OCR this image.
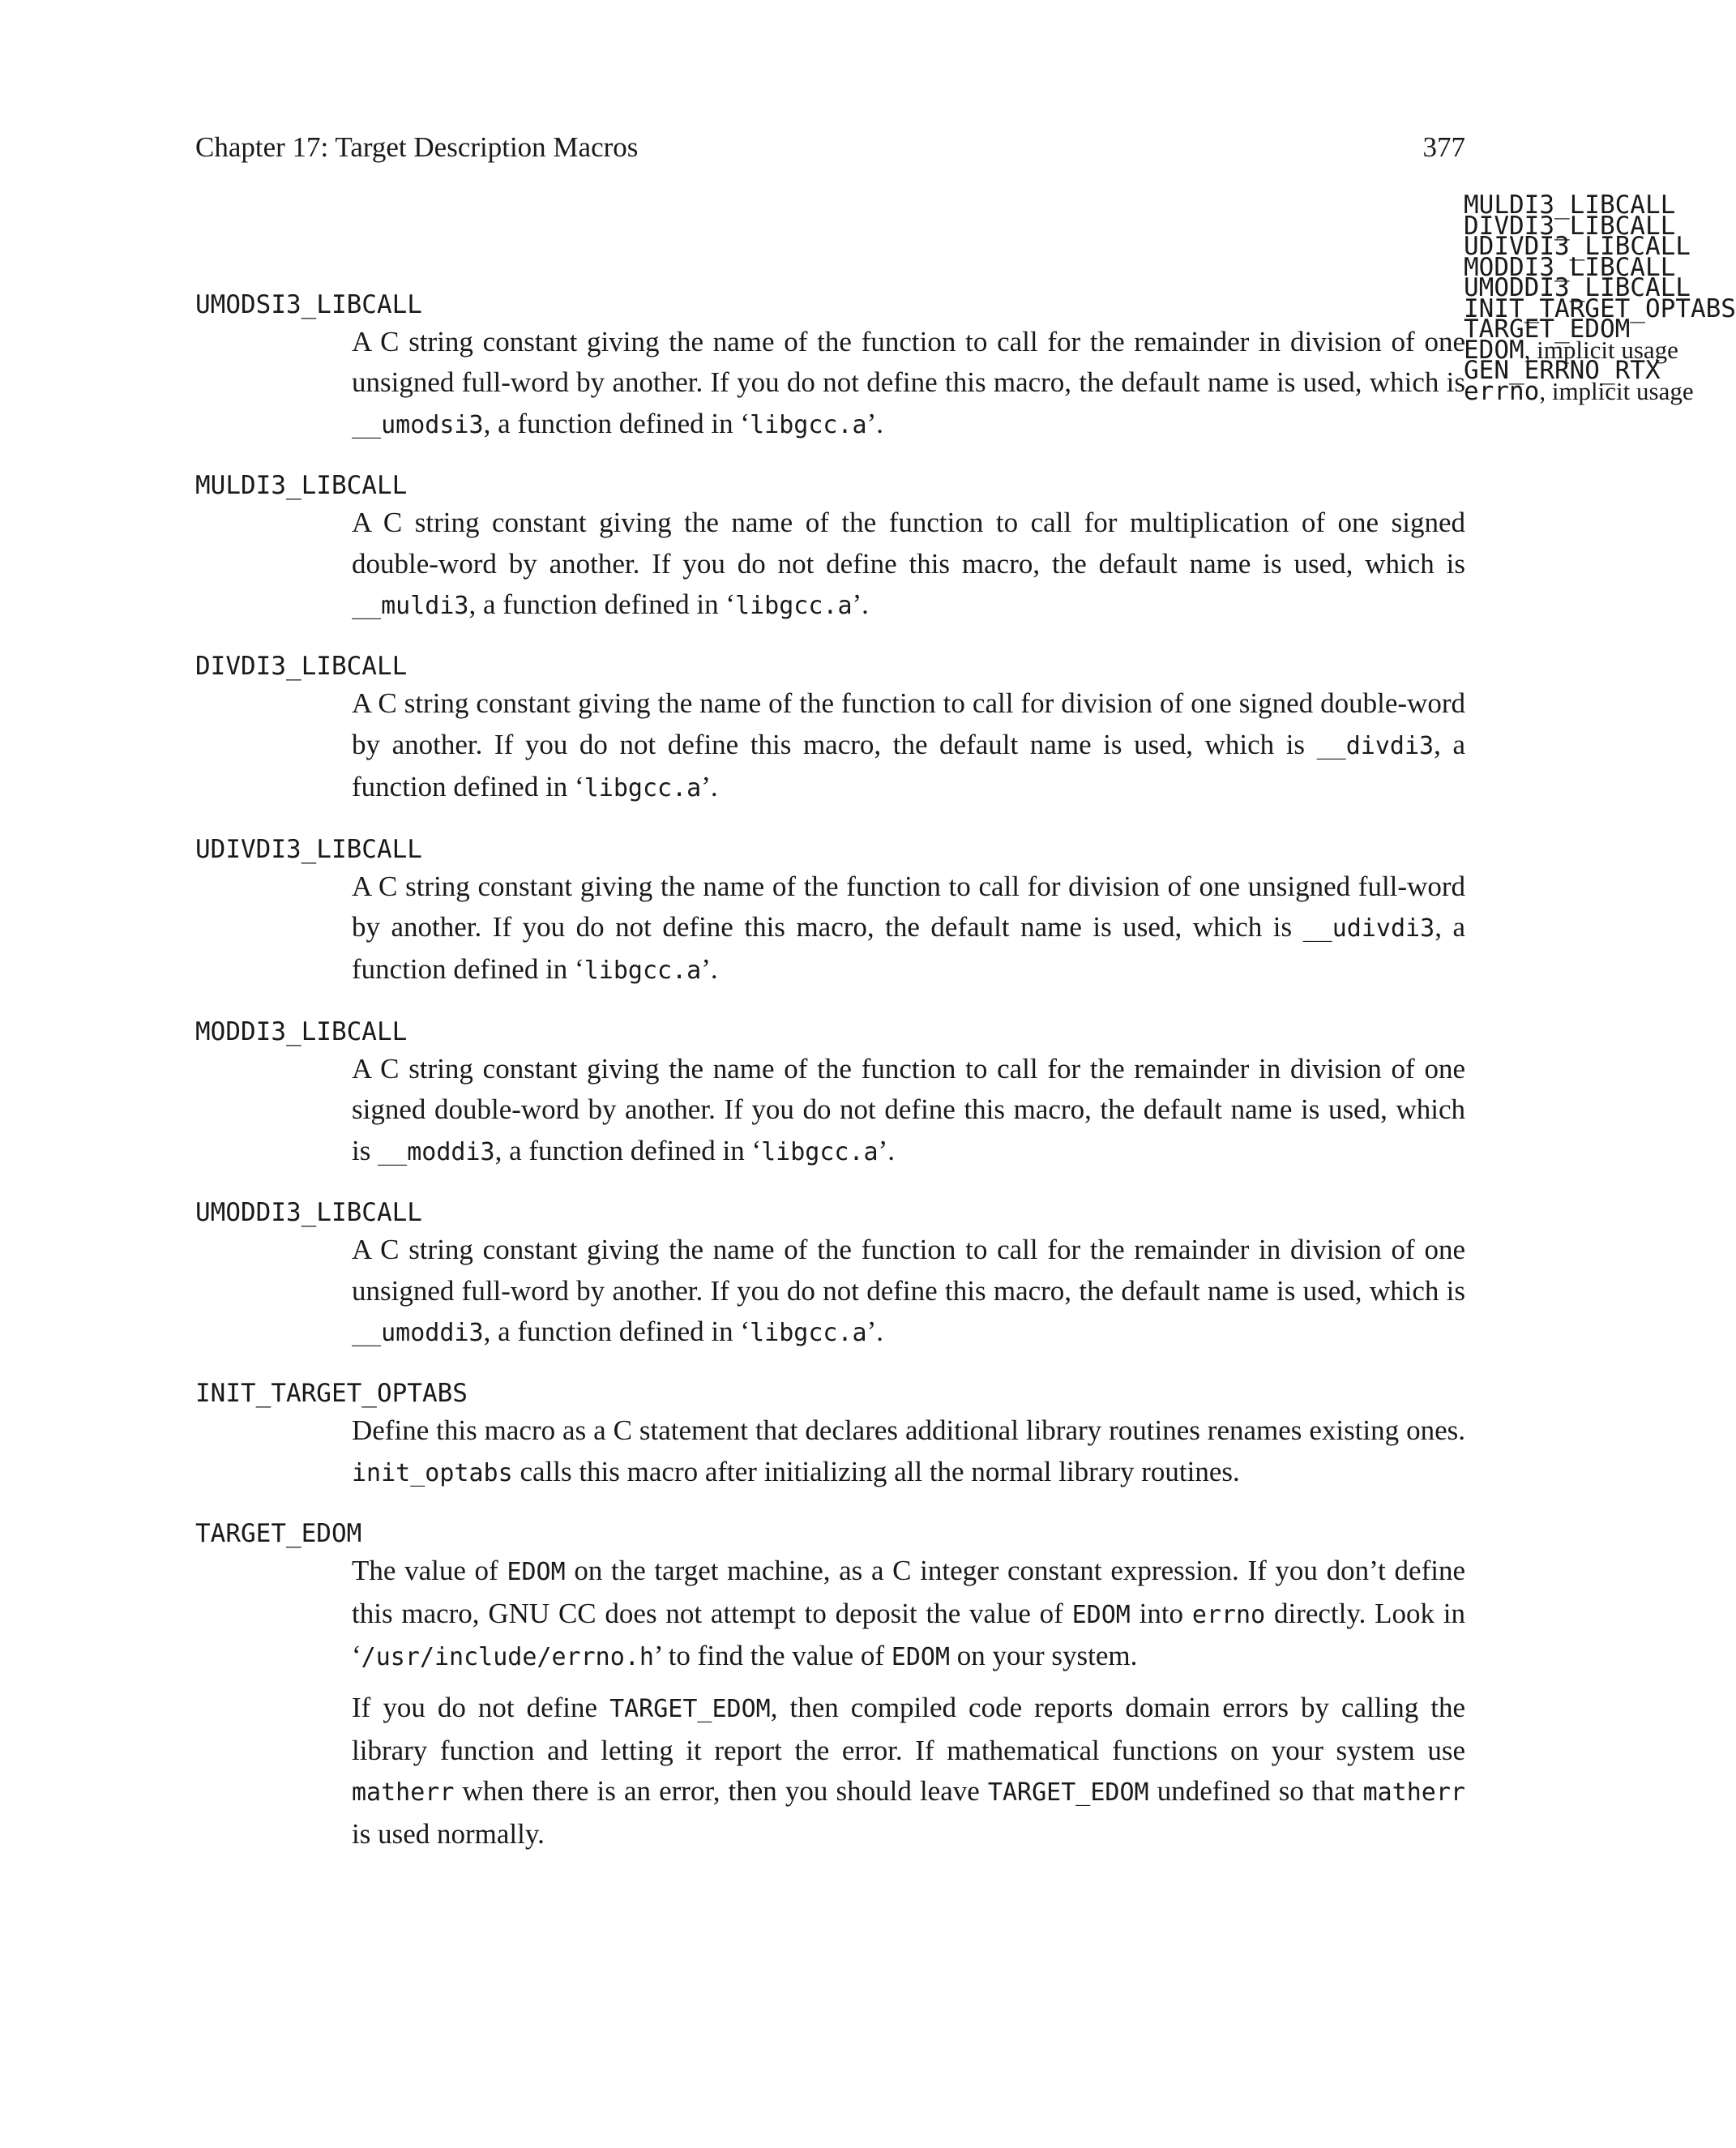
Chapter 17: Target Description Macros	377
MULDI3_LIBCALL
DIVDI3_LIBCALL
UDIVDI3_LIBCALL
MODDI3_LIBCALL
UMODDI3_LIBCALL
INIT_TARGET_OPTABS
TARGET_EDOM
EDOM, implicit usage
GEN_ERRNO_RTX
errno, implicit usage
UMODSI3_LIBCALL

A C string constant giving the name of the function to call for the remainder in division of one unsigned full-word by another. If you do not define this macro, the default name is used, which is __umodsi3, a function defined in ‘libgcc.a’.

MULDI3_LIBCALL

A C string constant giving the name of the function to call for multiplication of one signed double-word by another. If you do not define this macro, the default name is used, which is __muldi3, a function defined in ‘libgcc.a’.

DIVDI3_LIBCALL

A C string constant giving the name of the function to call for division of one signed double-word by another. If you do not define this macro, the default name is used, which is __divdi3, a function defined in ‘libgcc.a’.

UDIVDI3_LIBCALL

A C string constant giving the name of the function to call for division of one unsigned full-word by another. If you do not define this macro, the default name is used, which is __udivdi3, a function defined in ‘libgcc.a’.

MODDI3_LIBCALL

A C string constant giving the name of the function to call for the remainder in division of one signed double-word by another. If you do not define this macro, the default name is used, which is __moddi3, a function defined in ‘libgcc.a’.

UMODDI3_LIBCALL

A C string constant giving the name of the function to call for the remainder in division of one unsigned full-word by another. If you do not define this macro, the default name is used, which is __umoddi3, a function defined in ‘libgcc.a’.

INIT_TARGET_OPTABS

Define this macro as a C statement that declares additional library routines renames existing ones. init_optabs calls this macro after initializing all the normal library routines.

TARGET_EDOM

The value of EDOM on the target machine, as a C integer constant expression. If you don’t define this macro, GNU CC does not attempt to deposit the value of EDOM into errno directly. Look in ‘/usr/include/errno.h’ to find the value of EDOM on your system.

If you do not define TARGET_EDOM, then compiled code reports domain errors by calling the library function and letting it report the error. If mathematical functions on your system use matherr when there is an error, then you should leave TARGET_EDOM undefined so that matherr is used normally.
